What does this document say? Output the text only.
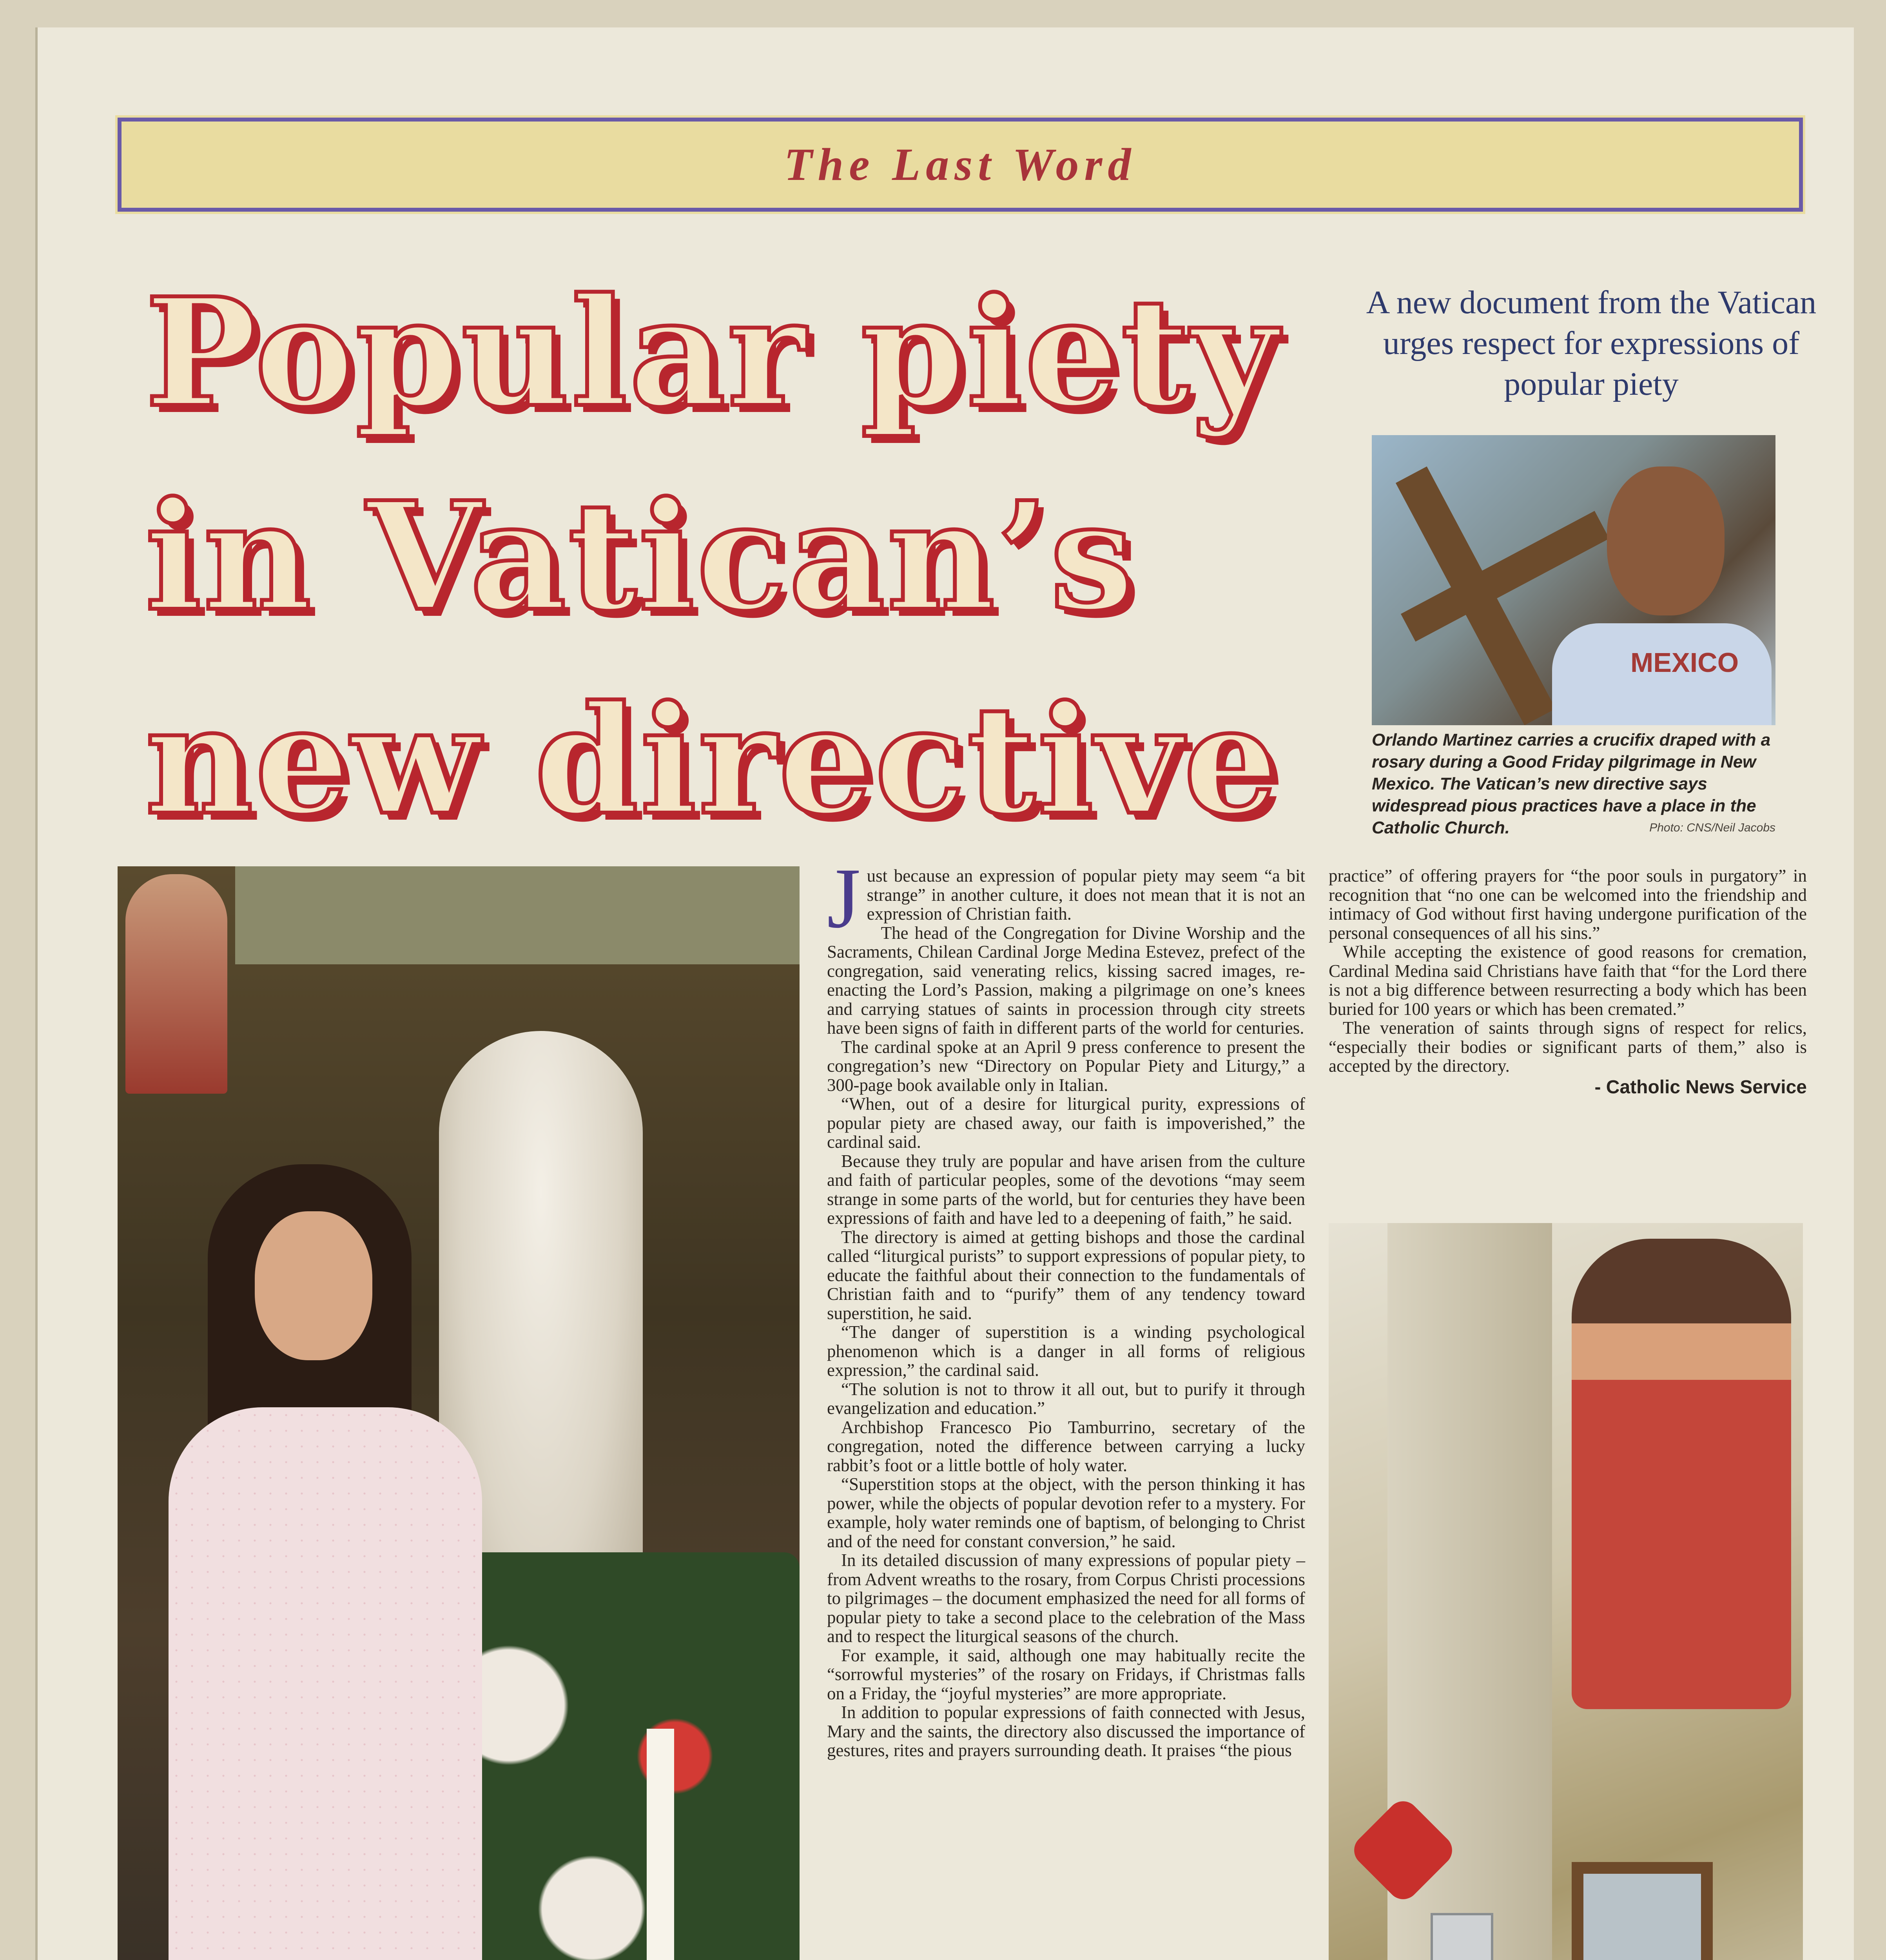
The Last Word
Popular piety
in Vatican’s
new directive
A new document from the Vatican urges respect for expressions of popular piety
MEXICO
Orlando Martinez carries a crucifix draped with a rosary during a Good Friday pilgrimage in New Mexico. The Vatican’s new directive says widespread pious practices have a place in the Catholic Church.	Photo: CNS/Neil Jacobs

Just because an expression of popular piety may seem “a bit strange” in another culture, it does not mean that it is not an expression of Christian faith.

The head of the Congregation for Divine Worship and the Sacraments, Chilean Cardinal Jorge Medina Estevez, prefect of the congregation, said venerating relics, kissing sacred images, re-enacting the Lord’s Passion, making a pilgrimage on one’s knees and carrying statues of saints in procession through city streets have been signs of faith in different parts of the world for centuries.

The cardinal spoke at an April 9 press conference to present the congregation’s new “Directory on Popular Piety and Liturgy,” a 300-page book available only in Italian.

“When, out of a desire for liturgical purity, expressions of popular piety are chased away, our faith is impoverished,” the cardinal said.

Because they truly are popular and have arisen from the culture and faith of particular peoples, some of the devotions “may seem strange in some parts of the world, but for centuries they have been expressions of faith and have led to a deepening of faith,” he said.

The directory is aimed at getting bishops and those the cardinal called “liturgical purists” to support expressions of popular piety, to educate the faithful about their connection to the fundamentals of Christian faith and to “purify” them of any tendency toward superstition, he said.

“The danger of superstition is a winding psychological phenomenon which is a danger in all forms of religious expression,” the cardinal said.

“The solution is not to throw it all out, but to purify it through evangelization and education.”

Archbishop Francesco Pio Tamburrino, secretary of the congregation, noted the difference between carrying a lucky rabbit’s foot or a little bottle of holy water.

“Superstition stops at the object, with the person thinking it has power, while the objects of popular devotion refer to a mystery. For example, holy water reminds one of baptism, of belonging to Christ and of the need for constant conversion,” he said.

In its detailed discussion of many expressions of popular piety – from Advent wreaths to the rosary, from Corpus Christi processions to pilgrimages – the document emphasized the need for all forms of popular piety to take a second place to the celebration of the Mass and to respect the liturgical seasons of the church.

For example, it said, although one may habitually recite the “sorrowful mysteries” of the rosary on Fridays, if Christmas falls on a Friday, the “joyful mysteries” are more appropriate.

In addition to popular expressions of faith connected with Jesus, Mary and the saints, the directory also discussed the importance of gestures, rites and prayers surrounding death. It praises “the pious

practice” of offering prayers for “the poor souls in purgatory” in recognition that “no one can be welcomed into the friendship and intimacy of God without first having undergone purification of the personal consequences of all his sins.”

While accepting the existence of good reasons for cremation, Cardinal Medina said Christians have faith that “for the Lord there is not a big difference between resurrecting a body which has been buried for 100 years or which has been cremated.”

The veneration of saints through signs of respect for relics, “especially their bodies or significant parts of them,” also is accepted by the directory.

- Catholic News Service
